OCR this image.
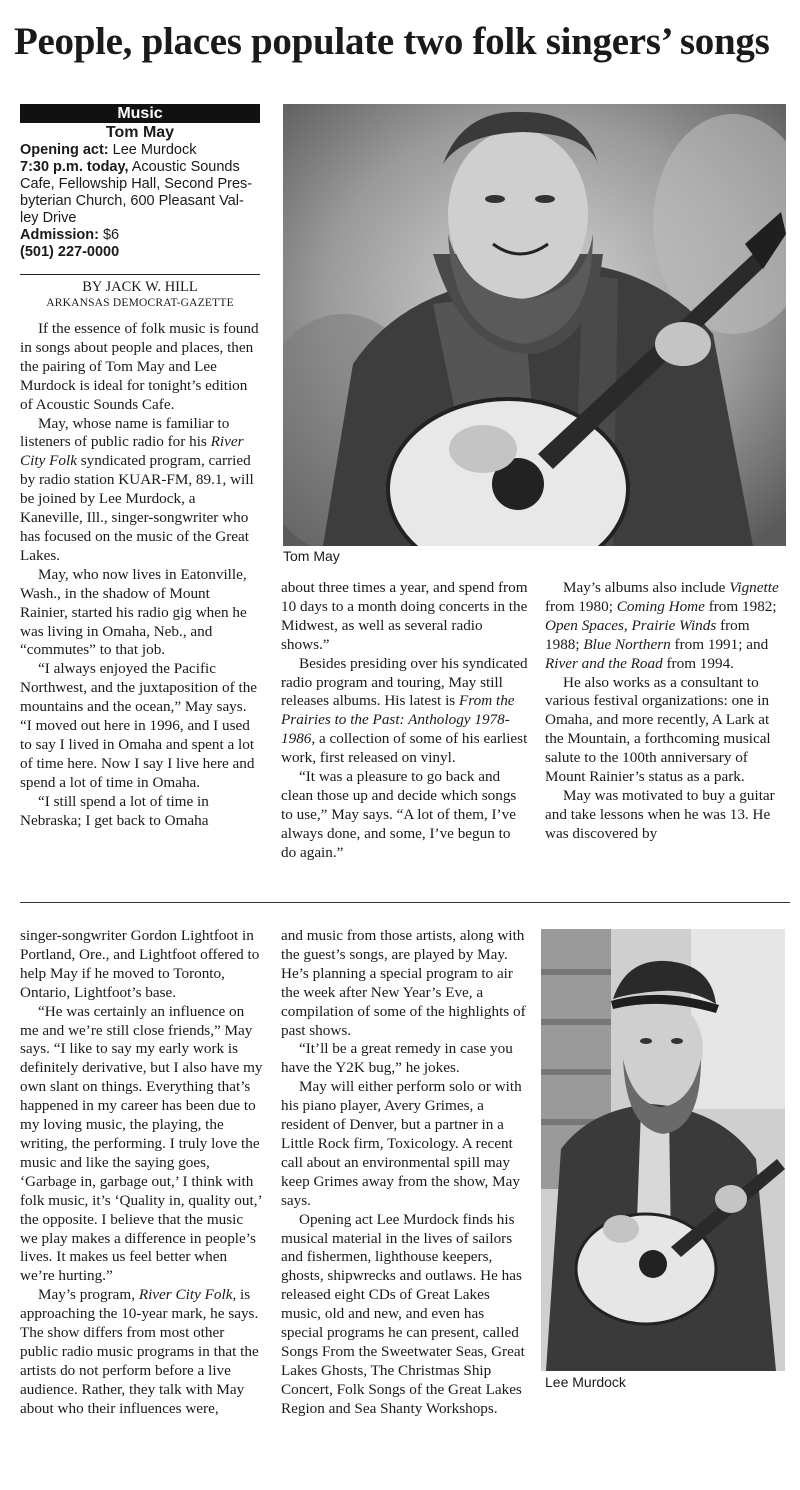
People, places populate two folk singers’ songs
Music
Tom May
Opening act: Lee Murdock
7:30 p.m. today, Acoustic Sounds
Cafe, Fellowship Hall, Second Pres-
byterian Church, 600 Pleasant Val-
ley Drive
Admission: $6
(501) 227-0000
BY JACK W. HILL
ARKANSAS DEMOCRAT-GAZETTE
Tom May

If the essence of folk music is found in songs about people and places, then the pairing of Tom May and Lee Murdock is ideal for tonight’s edition of Acoustic Sounds Cafe.

May, whose name is familiar to listeners of public radio for his River City Folk syndicated program, carried by radio station KUAR-FM, 89.1, will be joined by Lee Murdock, a Kaneville, Ill., singer-songwriter who has focused on the music of the Great Lakes.

May, who now lives in Eatonville, Wash., in the shadow of Mount Rainier, started his radio gig when he was living in Omaha, Neb., and “commutes” to that job.

“I always enjoyed the Pacific Northwest, and the juxtaposition of the mountains and the ocean,” May says. “I moved out here in 1996, and I used to say I lived in Omaha and spent a lot of time here. Now I say I live here and spend a lot of time in Omaha.

“I still spend a lot of time in Nebraska; I get back to Omaha

about three times a year, and spend from 10 days to a month doing concerts in the Midwest, as well as several radio shows.”

Besides presiding over his syndicated radio program and touring, May still releases albums. His latest is From the Prairies to the Past: Anthology 1978-1986, a collection of some of his earliest work, first released on vinyl.

“It was a pleasure to go back and clean those up and decide which songs to use,” May says. “A lot of them, I’ve always done, and some, I’ve begun to do again.”

May’s albums also include Vignette from 1980; Coming Home from 1982; Open Spaces, Prairie Winds from 1988; Blue Northern from 1991; and River and the Road from 1994.

He also works as a consultant to various festival organizations: one in Omaha, and more recently, A Lark at the Mountain, a forthcoming musical salute to the 100th anniversary of Mount Rainier’s status as a park.

May was motivated to buy a guitar and take lessons when he was 13. He was discovered by

singer-songwriter Gordon Lightfoot in Portland, Ore., and Lightfoot offered to help May if he moved to Toronto, Ontario, Lightfoot’s base.

“He was certainly an influence on me and we’re still close friends,” May says. “I like to say my early work is definitely derivative, but I also have my own slant on things. Everything that’s happened in my career has been due to my loving music, the playing, the writing, the performing. I truly love the music and like the saying goes, ‘Garbage in, garbage out,’ I think with folk music, it’s ‘Quality in, quality out,’ the opposite. I believe that the music we play makes a difference in people’s lives. It makes us feel better when we’re hurting.”

May’s program, River City Folk, is approaching the 10-year mark, he says. The show differs from most other public radio music programs in that the artists do not perform before a live audience. Rather, they talk with May about who their influences were,

and music from those artists, along with the guest’s songs, are played by May. He’s planning a special program to air the week after New Year’s Eve, a compilation of some of the highlights of past shows.

“It’ll be a great remedy in case you have the Y2K bug,” he jokes.

May will either perform solo or with his piano player, Avery Grimes, a resident of Denver, but a partner in a Little Rock firm, Toxicology. A recent call about an environmental spill may keep Grimes away from the show, May says.

Opening act Lee Murdock finds his musical material in the lives of sailors and fishermen, lighthouse keepers, ghosts, shipwrecks and outlaws. He has released eight CDs of Great Lakes music, old and new, and even has special programs he can present, called Songs From the Sweetwater Seas, Great Lakes Ghosts, The Christmas Ship Concert, Folk Songs of the Great Lakes Region and Sea Shanty Workshops.

Lee Murdock
